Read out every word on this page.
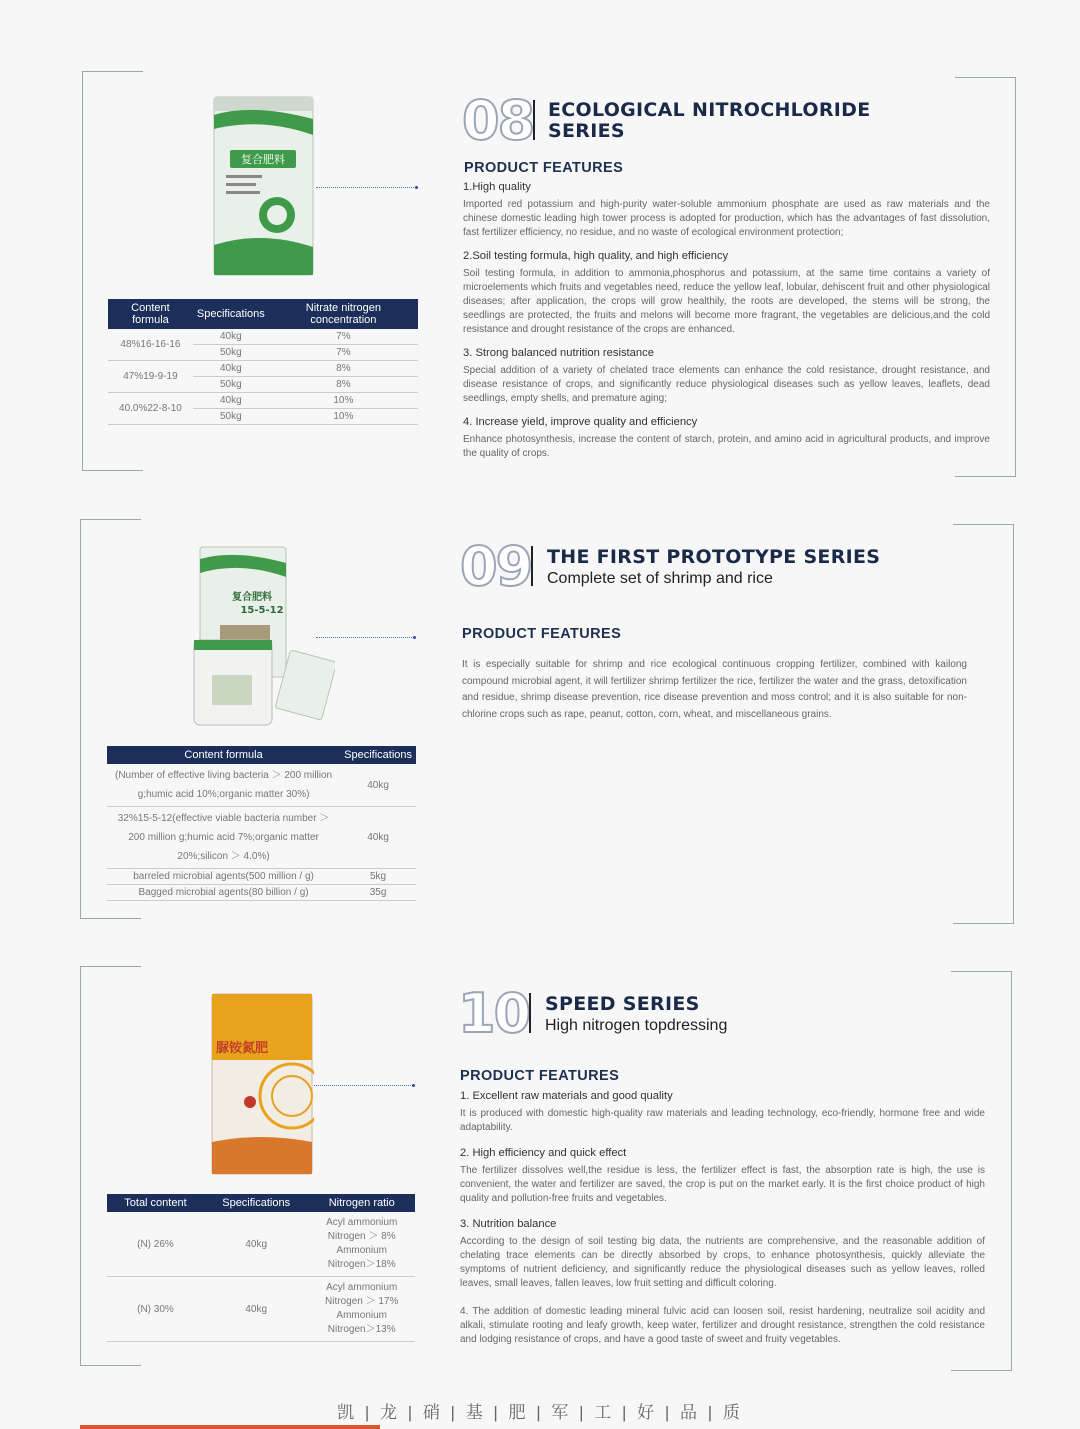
复合肥料
Content formula	Specifications	Nitrate nitrogen concentration
48%16-16-16	40kg	7%
	50kg	7%
47%19-9-19	40kg	8%
	50kg	8%
40.0%22-8-10	40kg	10%
	50kg	10%
08 ECOLOGICAL NITROCHLORIDE
SERIES
PRODUCT FEATURES
1.High quality
Imported red potassium and high-purity water-soluble ammonium phosphate are used as raw materials and the chinese domestic leading high tower process is adopted for production, which has the advantages of fast dissolution, fast fertilizer efficiency, no residue, and no waste of ecological environment protection;
2.Soil testing formula, high quality, and high efficiency
Soil testing formula, in addition to ammonia,phosphorus and potassium, at the same time contains a variety of microelements which fruits and vegetables need, reduce the yellow leaf, lobular, dehiscent fruit and other physiological diseases; after application, the crops will grow healthily, the roots are developed, the stems will be strong, the seedlings are protected, the fruits and melons will become more fragrant, the vegetables are delicious,and the cold resistance and drought resistance of the crops are enhanced.
3. Strong balanced nutrition resistance
Special addition of a variety of chelated trace elements can enhance the cold resistance, drought resistance, and disease resistance of crops, and significantly reduce physiological diseases such as yellow leaves, leaflets, dead seedlings, empty shells, and premature aging;
4. Increase yield, improve quality and efficiency
Enhance photosynthesis, increase the content of starch, protein, and amino acid in agricultural products, and improve the quality of crops.
复合肥料
15-5-12
Content formula	Specifications
(Number of effective living bacteria ＞ 200 million g;humic acid 10%;organic matter 30%)	40kg
32%15-5-12(effective viable bacteria number ＞ 200 million g;humic acid 7%;organic matter 20%;silicon ＞ 4.0%)	40kg
barreled microbial agents(500 million / g)	5kg
Bagged microbial agents(80 billion / g)	35g
09 THE FIRST PROTOTYPE SERIES
Complete set of shrimp and rice
PRODUCT FEATURES
It is especially suitable for shrimp and rice ecological continuous cropping fertilizer, combined with kailong compound microbial agent, it will fertilizer shrimp fertilizer the rice, fertilizer the water and the grass, detoxification and residue, shrimp disease prevention, rice disease prevention and moss control; and it is also suitable for non-chlorine crops such as rape, peanut, cotton, corn, wheat, and miscellaneous grains.
脲铵氮肥
Total content	Specifications	Nitrogen ratio
(N) 26%	40kg	Acyl ammonium
Nitrogen ＞ 8%
Ammonium
Nitrogen＞18%

(N) 30%	40kg	Acyl ammonium
Nitrogen ＞ 17%
Ammonium
Nitrogen＞13%
10 SPEED SERIES
High nitrogen topdressing
PRODUCT FEATURES
1. Excellent raw materials and good quality
It is produced with domestic high-quality raw materials and leading technology, eco-friendly, hormone free and wide adaptability.
2. High efficiency and quick effect
The fertilizer dissolves well,the residue is less, the fertilizer effect is fast, the absorption rate is high, the use is convenient, the water and fertilizer are saved, the crop is put on the market early. It is the first choice product of high quality and pollution-free fruits and vegetables.
3. Nutrition balance
According to the design of soil testing big data, the nutrients are comprehensive, and the reasonable addition of chelating trace elements can be directly absorbed by crops, to enhance photosynthesis, quickly alleviate the symptoms of nutrient deficiency, and significantly reduce the physiological diseases such as yellow leaves, rolled leaves, small leaves, fallen leaves, low fruit setting and difficult coloring.
4. The addition of domestic leading mineral fulvic acid can loosen soil, resist hardening, neutralize soil acidity and alkali, stimulate rooting and leafy growth, keep water, fertilizer and drought resistance, strengthen the cold resistance and lodging resistance of crops, and have a good taste of sweet and fruity vegetables.
凯 | 龙 | 硝 | 基 | 肥 | 军 | 工 | 好 | 品 | 质
